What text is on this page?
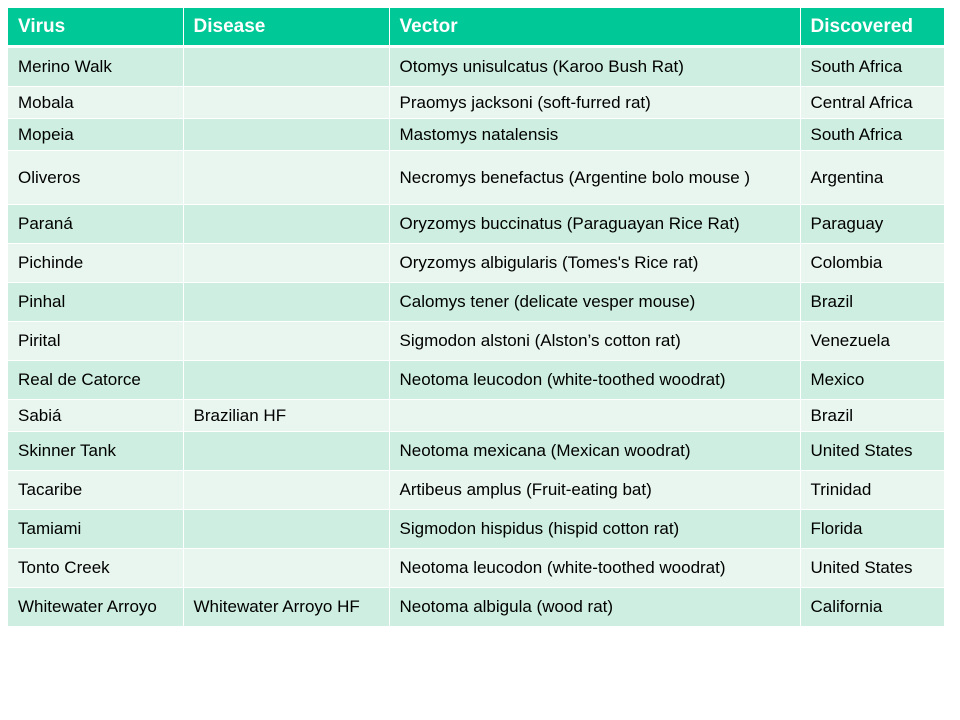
Virus	Disease	Vector	Discovered
Merino Walk		Otomys unisulcatus (Karoo Bush Rat)	South Africa
Mobala		Praomys jacksoni (soft-furred rat)	Central Africa
Mopeia		Mastomys natalensis	South Africa
Oliveros		Necromys benefactus (Argentine bolo mouse )	Argentina
Paraná		Oryzomys buccinatus (Paraguayan Rice Rat)	Paraguay
Pichinde		Oryzomys albigularis (Tomes's Rice rat)	Colombia
Pinhal		Calomys tener (delicate vesper mouse)	Brazil
Pirital		Sigmodon alstoni (Alston’s cotton rat)	Venezuela
Real de Catorce		Neotoma leucodon (white-toothed woodrat)	Mexico
Sabiá	Brazilian HF		Brazil
Skinner Tank		Neotoma mexicana (Mexican woodrat)	United States
Tacaribe		Artibeus amplus (Fruit-eating bat)	Trinidad
Tamiami		Sigmodon hispidus (hispid cotton rat)	Florida
Tonto Creek		Neotoma leucodon (white-toothed woodrat)	United States
Whitewater Arroyo	Whitewater Arroyo HF	Neotoma albigula (wood rat)	California
